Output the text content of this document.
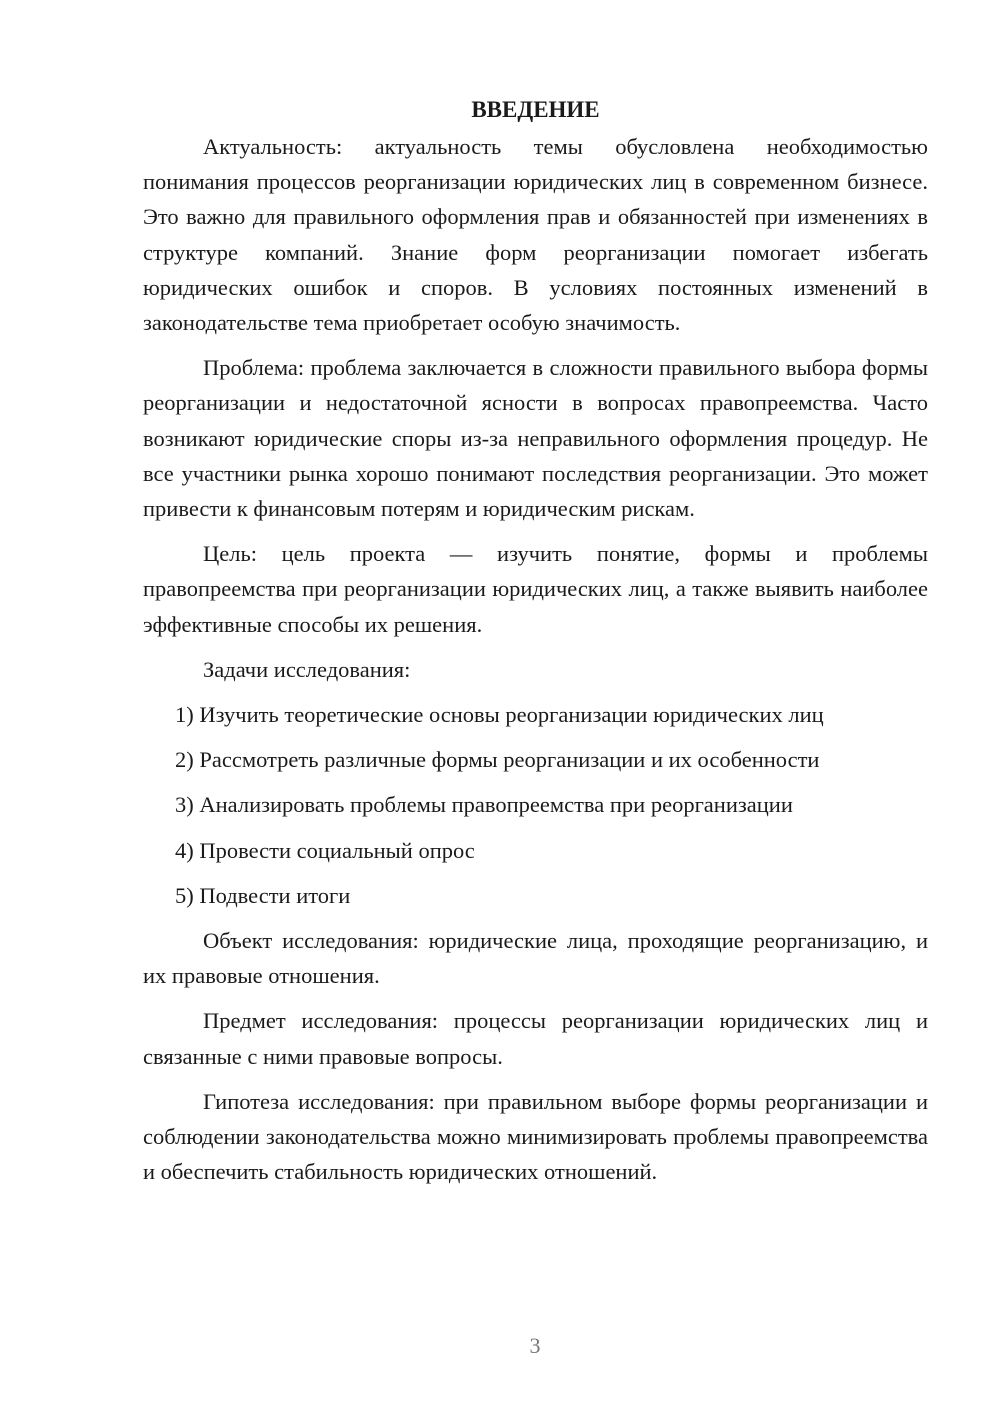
ВВЕДЕНИЕ

Актуальность: актуальность темы обусловлена необходимостью понимания процессов реорганизации юридических лиц в современном бизнесе. Это важно для правильного оформления прав и обязанностей при изменениях в структуре компаний. Знание форм реорганизации помогает избегать юридических ошибок и споров. В условиях постоянных изменений в законодательстве тема приобретает особую значимость.

Проблема: проблема заключается в сложности правильного выбора формы реорганизации и недостаточной ясности в вопросах правопреемства. Часто возникают юридические споры из-за неправильного оформления процедур. Не все участники рынка хорошо понимают последствия реорганизации. Это может привести к финансовым потерям и юридическим рискам.

Цель: цель проекта — изучить понятие, формы и проблемы правопреемства при реорганизации юридических лиц, а также выявить наиболее эффективные способы их решения.

Задачи исследования:

1) Изучить теоретические основы реорганизации юридических лиц

2) Рассмотреть различные формы реорганизации и их особенности

3) Анализировать проблемы правопреемства при реорганизации

4) Провести социальный опрос

5) Подвести итоги

Объект исследования: юридические лица, проходящие реорганизацию, и их правовые отношения.

Предмет исследования: процессы реорганизации юридических лиц и связанные с ними правовые вопросы.

Гипотеза исследования: при правильном выборе формы реорганизации и соблюдении законодательства можно минимизировать проблемы правопреемства и обеспечить стабильность юридических отношений.

3
